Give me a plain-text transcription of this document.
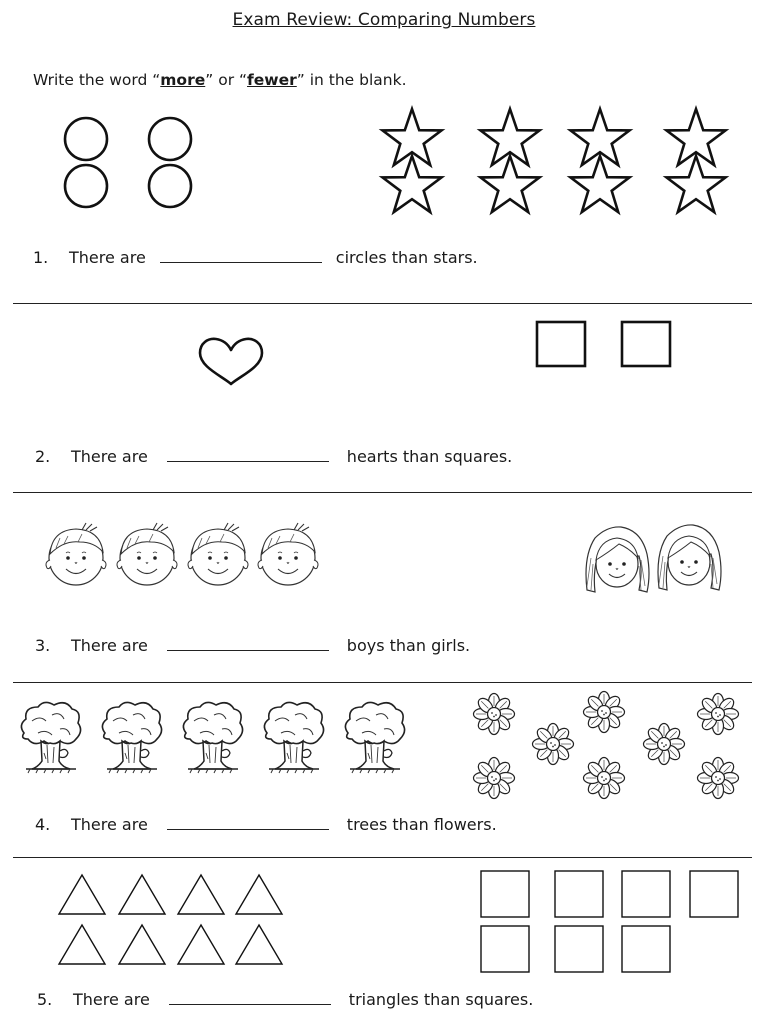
Exam Review: Comparing Numbers
Write the word “more” or “fewer” in the blank.
1. There are	circles than stars.
2. There are	hearts than squares.
3. There are	boys than girls.
4. There are	trees than flowers.
5. There are	triangles than squares.
